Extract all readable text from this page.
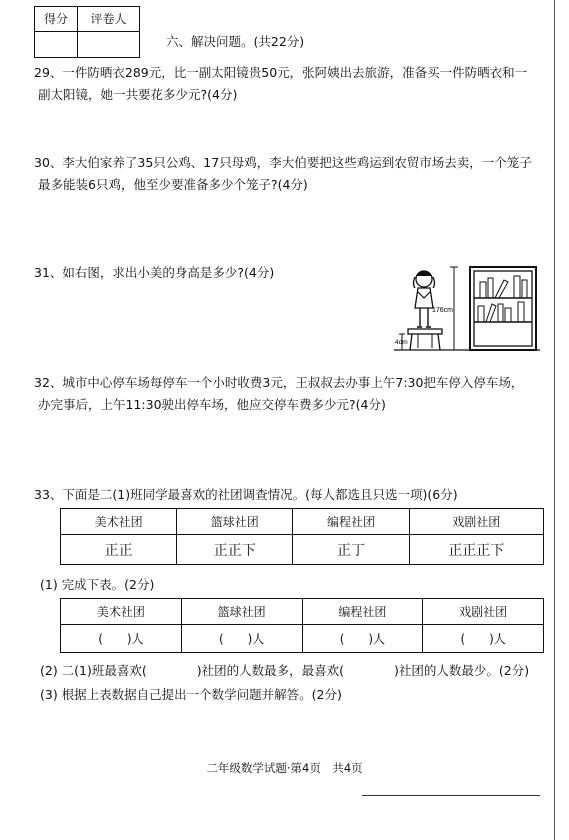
得分	评卷人
六、解决问题。(共22分)
29、一件防晒衣289元，比一副太阳镜贵50元，张阿姨出去旅游，准备买一件防晒衣和一
副太阳镜，她一共要花多少元?(4分)
30、李大伯家养了35只公鸡、17只母鸡，李大伯要把这些鸡运到农贸市场去卖，一个笼子
最多能装6只鸡，他至少要准备多少个笼子?(4分)
31、如右图，求出小美的身高是多少?(4分)
4dm
176cm
32、城市中心停车场每停车一个小时收费3元，王叔叔去办事上午7:30把车停入停车场，
办完事后，上午11:30驶出停车场，他应交停车费多少元?(4分)
33、下面是二(1)班同学最喜欢的社团调查情况。(每人都选且只选一项)(6分)
美术社团	篮球社团	编程社团	戏剧社团
正正	正正下	正丁	正正正下
(1) 完成下表。(2分)
美术社团	篮球社团	编程社团	戏剧社团
(　　)人	(　　)人	(　　)人	(　　)人
(2) 二(1)班最喜欢(　　　　)社团的人数最多，最喜欢(　　　　)社团的人数最少。(2分)
(3) 根据上表数据自己提出一个数学问题并解答。(2分)
二年级数学试题·第4页　共4页
